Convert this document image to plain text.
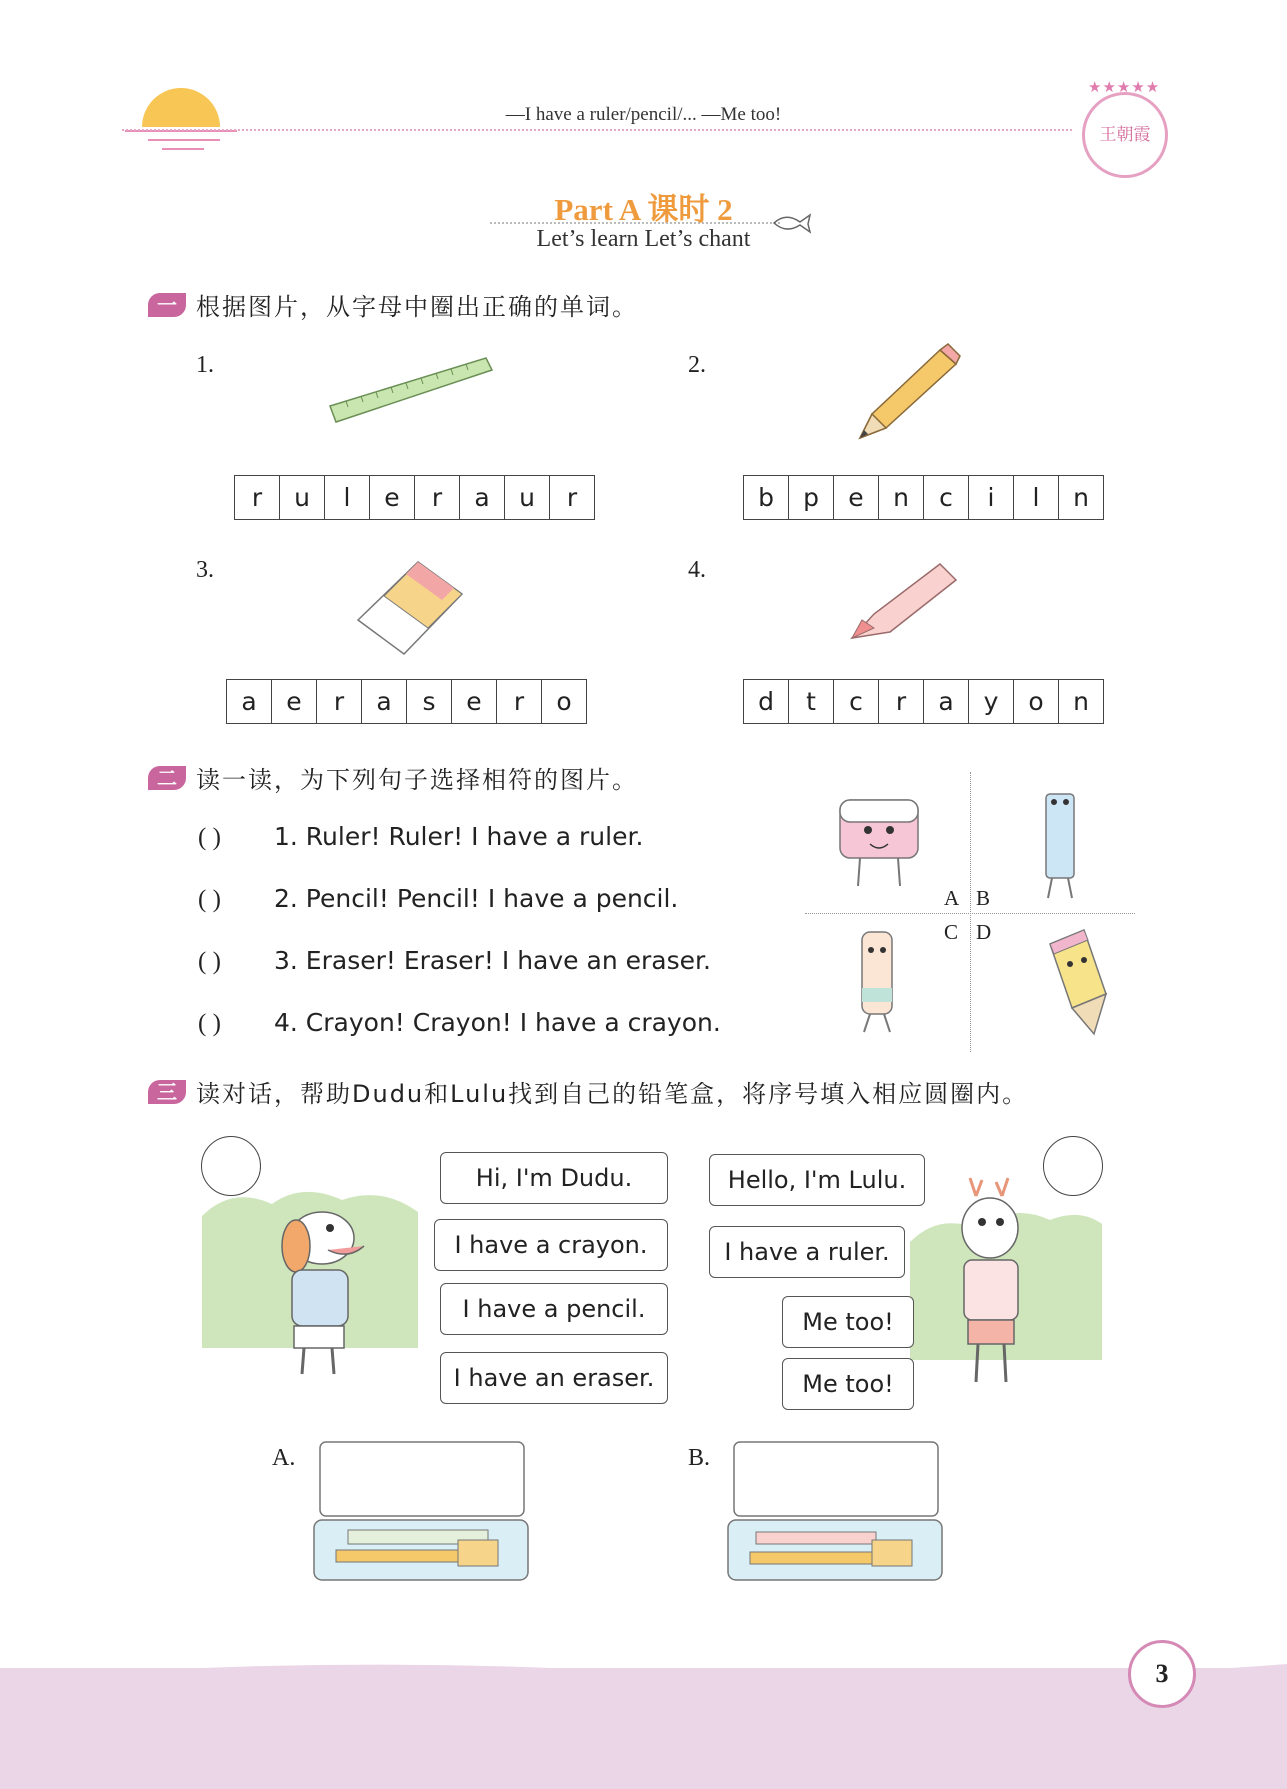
—I have a ruler/pencil/... —Me too!
★★★★★
王朝霞
Part A 课时 2
Let’s learn Let’s chant
一 根据图片，从字母中圈出正确的单词。
1.
r	u	l	e	r	a	u	r
2.
b	p	e	n	c	i	l	n
3.
a	e	r	a	s	e	r	o
4.
d	t	c	r	a	y	o	n
二 读一读，为下列句子选择相符的图片。
( ) 1. Ruler! Ruler! I have a ruler.
( ) 2. Pencil! Pencil! I have a pencil.
( ) 3. Eraser! Eraser! I have an eraser.
( ) 4. Crayon! Crayon! I have a crayon.
A B
C D
三 读对话，帮助Dudu和Lulu找到自己的铅笔盒，将序号填入相应圆圈内。
Hi, I'm Dudu.
I have a crayon.
I have a pencil.
I have an eraser.
Hello, I'm Lulu.
I have a ruler.
Me too!
Me too!
A.	B.
3
